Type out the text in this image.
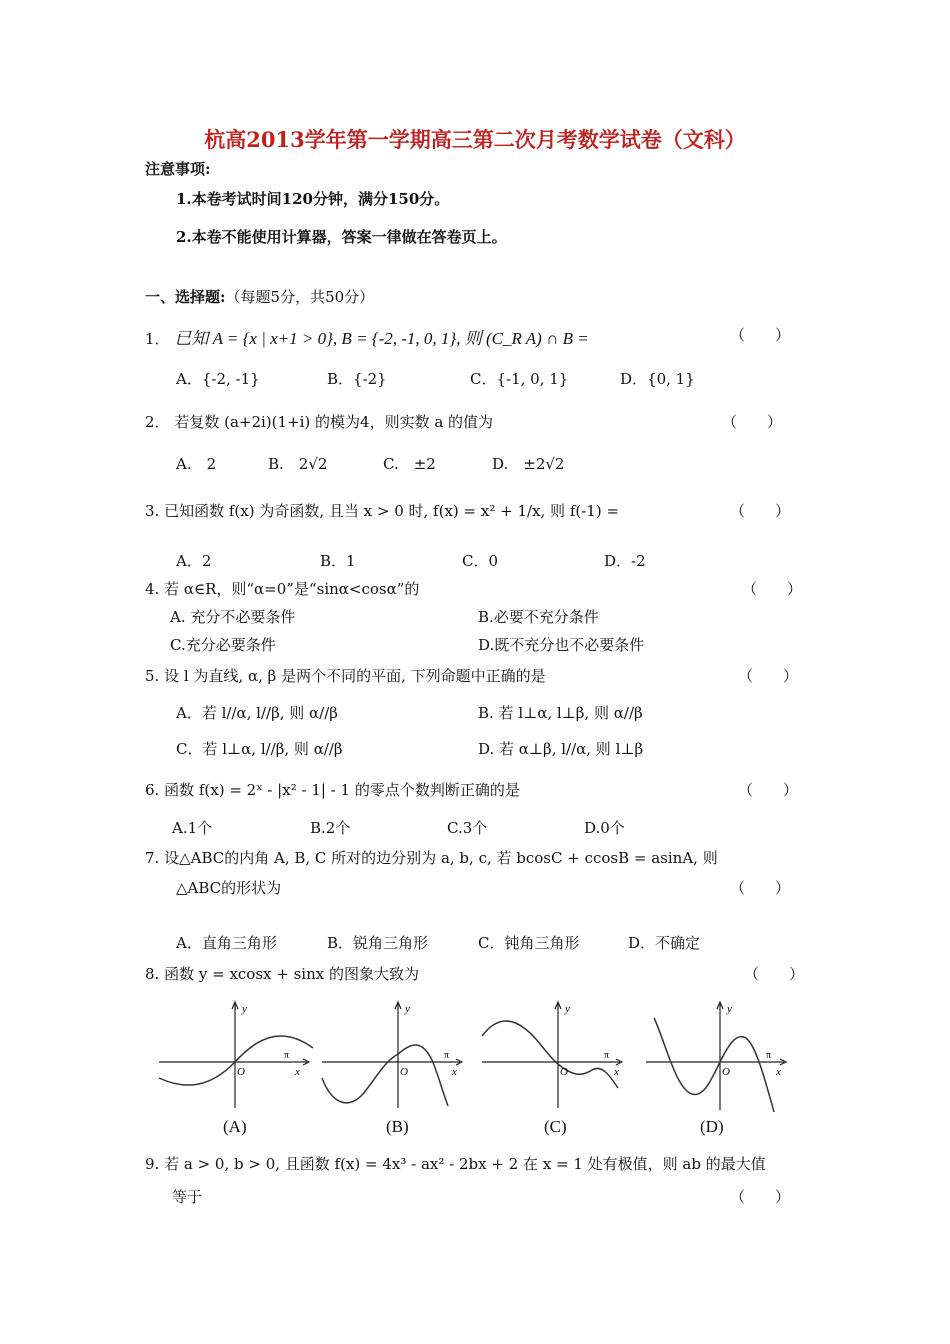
杭高2013学年第一学期高三第二次月考数学试卷（文科）
注意事项:
1.本卷考试时间120分钟，满分150分。
2.本卷不能使用计算器，答案一律做在答卷页上。
一、选择题:（每题5分，共50分）
1． 已知 A = {x | x+1 > 0}, B = {-2, -1, 0, 1}, 则 (C_R A) ∩ B =	（　　）
A．{-2, -1}	B．{-2}	C．{-1, 0, 1}	D．{0, 1}
2． 若复数 (a+2i)(1+i) 的模为4，则实数 a 的值为	（　　）
A.　2	B.　2√2	C.　±2	D.　±2√2
3. 已知函数 f(x) 为奇函数, 且当 x > 0 时, f(x) = x² + 1/x, 则 f(-1) =	（　　）
A．2	B．1	C．0	D．-2
4. 若 α∈R，则“α=0”是“sinα<cosα”的	（　　）
A. 充分不必要条件	B.必要不充分条件
C.充分必要条件	D.既不充分也不必要条件
5. 设 l 为直线, α, β 是两个不同的平面, 下列命题中正确的是	（　　）
A．若 l//α, l//β, 则 α//β	B. 若 l⊥α, l⊥β, 则 α//β
C．若 l⊥α, l//β, 则 α//β	D. 若 α⊥β, l//α, 则 l⊥β
6. 函数 f(x) = 2ˣ - |x² - 1| - 1 的零点个数判断正确的是	（　　）
A.1个	B.2个	C.3个	D.0个
7. 设△ABC的内角 A, B, C 所对的边分别为 a, b, c, 若 bcosC + ccosB = asinA, 则
△ABC的形状为	（　　）
A．直角三角形	B．锐角三角形	C．钝角三角形	D．不确定
8. 函数 y = xcosx + sinx 的图象大致为	（　　）
y
O
π
x
(A)
y
O
π
x
(B)
y
O
π
x
(C)
y
O
π
x
(D)
9. 若 a > 0, b > 0, 且函数 f(x) = 4x³ - ax² - 2bx + 2 在 x = 1 处有极值，则 ab 的最大值
等于	（　　）
